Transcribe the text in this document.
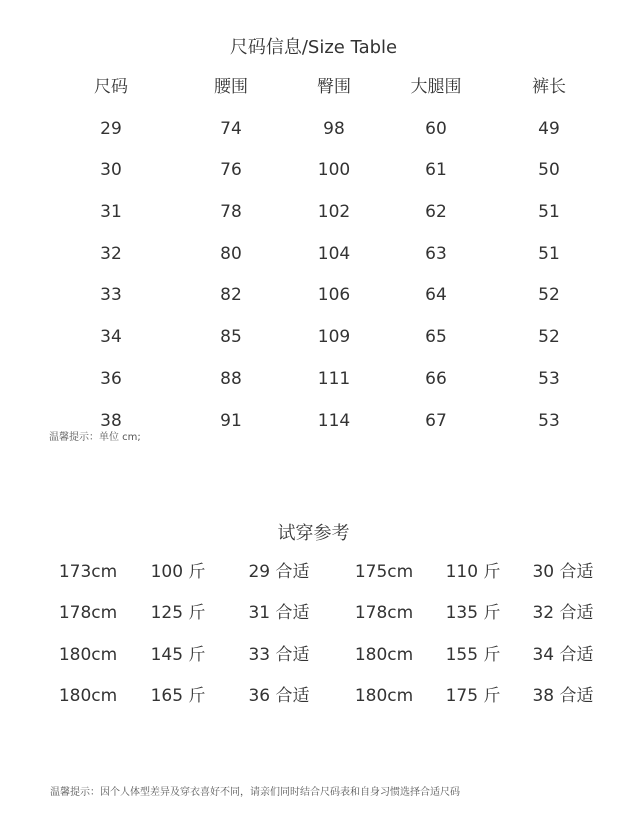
尺码信息/Size Table
尺码	腰围	臀围	大腿围	裤长
29	74	98	60	49
30	76	100	61	50
31	78	102	62	51
32	80	104	63	51
33	82	106	64	52
34	85	109	65	52
36	88	111	66	53
38	91	114	67	53
温馨提示：单位 cm;
试穿参考
173cm	100 斤	29 合适	175cm	110 斤	30 合适
178cm	125 斤	31 合适	178cm	135 斤	32 合适
180cm	145 斤	33 合适	180cm	155 斤	34 合适
180cm	165 斤	36 合适	180cm	175 斤	38 合适
温馨提示：因个人体型差异及穿衣喜好不同，请亲们同时结合尺码表和自身习惯选择合适尺码
